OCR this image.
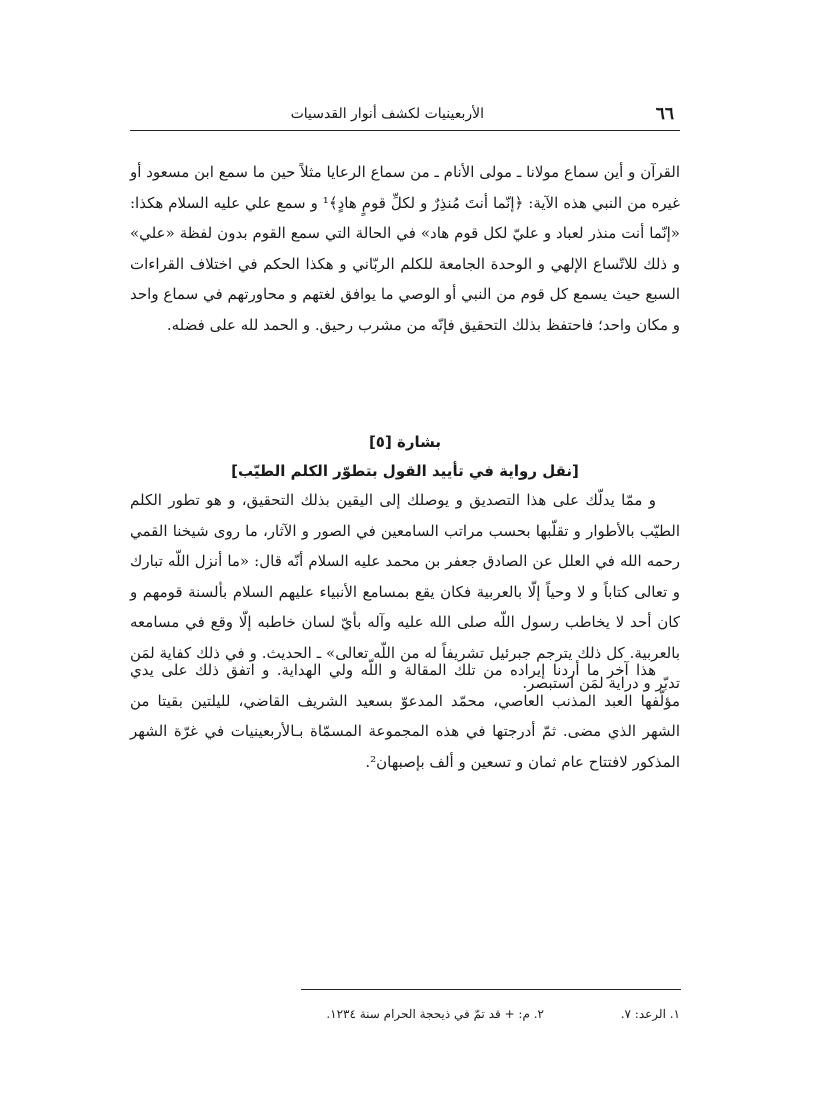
٦٦
الأربعينيات لكشف أنوار القدسيات

القرآن و أين سماع مولانا ـ مولى الأنام ـ من سماع الرعايا مثلاً حين ما سمع ابن مسعود أو غيره من النبي هذه الآية: ﴿إنّما أنتَ مُنذِرٌ و لكلِّ قومٍ هادٍ﴾¹ و سمع علي عليه السلام هكذا: «إنّما أنت منذر لعباد و عليّ لكل قوم هاد» في الحالة التي سمع القوم بدون لفظة «علي» و ذلك للاتّساع الإلهي و الوحدة الجامعة للكلم الربّاني و هكذا الحكم في اختلاف القراءات السبع حيث يسمع كل قوم من النبي أو الوصي ما يوافق لغتهم و محاورتهم في سماع واحد و مكان واحد؛ فاحتفظ بذلك التحقيق فإنّه من مشرب رحيق. و الحمد لله على فضله.

بشارة [٥]
[نقل رواية في تأييد القول بتطوّر الكلم الطيّب]

و ممّا يدلّك على هذا التصديق و يوصلك إلى اليقين بذلك التحقيق، و هو تطور الكلم الطيّب بالأطوار و تقلّبها بحسب مراتب السامعين في الصور و الآثار، ما روى شيخنا القمي رحمه الله في العلل عن الصادق جعفر بن محمد عليه السلام أنّه قال: «ما أنزل اللّه تبارك و تعالى كتاباً و لا وحياً إلّا بالعربية فكان يقع بمسامع الأنبياء عليهم السلام بألسنة قومهم و كان أحد لا يخاطب رسول اللّه صلى الله عليه وآله بأيّ لسان خاطبه إلّا وقع في مسامعه بالعربية. كل ذلك يترجم جبرئيل تشريفاً له من اللّه تعالى» ـ الحديث. و في ذلك كفاية لمَن تدبّر و دراية لمَن استبصر.

هذا آخر ما أردنا إيراده من تلك المقالة و اللّه ولي الهداية. و اتفق ذلك على يدي مؤلّفها العبد المذنب العاصي، محمّد المدعوّ بسعيد الشريف القاضي، لليلتين بقيتا من الشهر الذي مضى. ثمّ أدرجتها في هذه المجموعة المسمّاة بـالأربعينيات في غرّة الشهر المذكور لافتتاح عام ثمان و تسعين و ألف بإصبهان².

١. الرعد: ٧.
٢. م: + قد تمّ في ذيحجة الحرام سنة ١٢٣٤.
